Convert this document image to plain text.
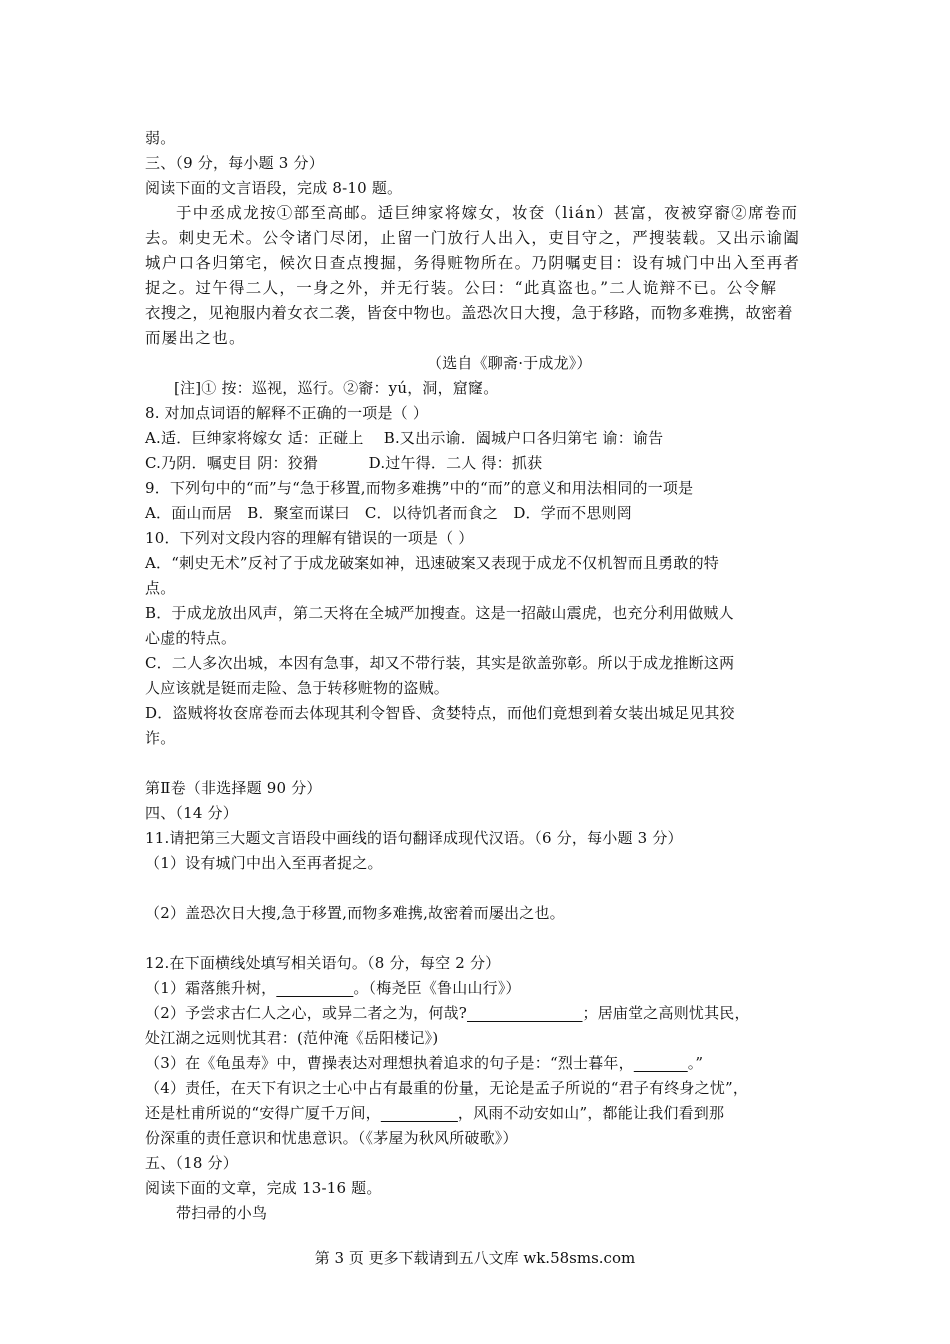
弱。
三、（9 分，每小题 3 分）
阅读下面的文言语段，完成 8-10 题。
于中丞成龙按①部至高邮。适巨绅家将嫁女，妆奁（lián）甚富，夜被穿窬②席卷而
去。刺史无术。公令诸门尽闭，止留一门放行人出入，吏目守之，严搜装载。又出示谕阖
城户口各归第宅，候次日查点搜掘，务得赃物所在。乃阴嘱吏目：设有城门中出入至再者
捉之。过午得二人，一身之外，并无行装。公曰：“此真盗也。”二人诡辩不已。公令解
衣搜之，见袍服内着女衣二袭，皆奁中物也。盖恐次日大搜，急于移路，而物多难携，故密着
而屡出之也。
（选自《聊斋·于成龙》）
[注]① 按：巡视，巡行。②窬：yú，洞，窟窿。
8. 对加点词语的解释不正确的一项是（ ）
A.适．巨绅家将嫁女 适：正碰上　 B.又出示谕．阖城户口各归第宅 谕：谕告
C.乃阴．嘱吏目 阴：狡猾　　　 D.过午得．二人 得：抓获
9．下列句中的“而”与“急于移置,而物多难携”中的“而”的意义和用法相同的一项是
A．面山而居　B．聚室而谋曰　C．以待饥者而食之　D．学而不思则罔
10．下列对文段内容的理解有错误的一项是（ ）
A．“刺史无术”反衬了于成龙破案如神，迅速破案又表现于成龙不仅机智而且勇敢的特
点。
B．于成龙放出风声，第二天将在全城严加搜查。这是一招敲山震虎，也充分利用做贼人
心虚的特点。
C．二人多次出城，本因有急事，却又不带行装，其实是欲盖弥彰。所以于成龙推断这两
人应该就是铤而走险、急于转移赃物的盗贼。
D．盗贼将妆奁席卷而去体现其利令智昏、贪婪特点，而他们竟想到着女装出城足见其狡
诈。
第Ⅱ卷（非选择题 90 分）
四、（14 分）
11.请把第三大题文言语段中画线的语句翻译成现代汉语。（6 分，每小题 3 分）
（1）设有城门中出入至再者捉之。
（2）盖恐次日大搜,急于移置,而物多难携,故密着而屡出之也。
12.在下面横线处填写相关语句。（8 分，每空 2 分）
（1）霜落熊升树，__________。（梅尧臣《鲁山山行》）
（2）予尝求古仁人之心，或异二者之为，何哉?_______________；居庙堂之高则忧其民，
处江湖之远则忧其君：(范仲淹《岳阳楼记》)
（3）在《龟虽寿》中，曹操表达对理想执着追求的句子是：“烈士暮年，_______。”
（4）责任，在天下有识之士心中占有最重的份量，无论是孟子所说的“君子有终身之忧”，
还是杜甫所说的“安得广厦千万间，__________，风雨不动安如山”，都能让我们看到那
份深重的责任意识和忧患意识。（《茅屋为秋风所破歌》）
五、（18 分）
阅读下面的文章，完成 13-16 题。
带扫帚的小鸟
第 3 页 更多下载请到五八文库 wk.58sms.com
